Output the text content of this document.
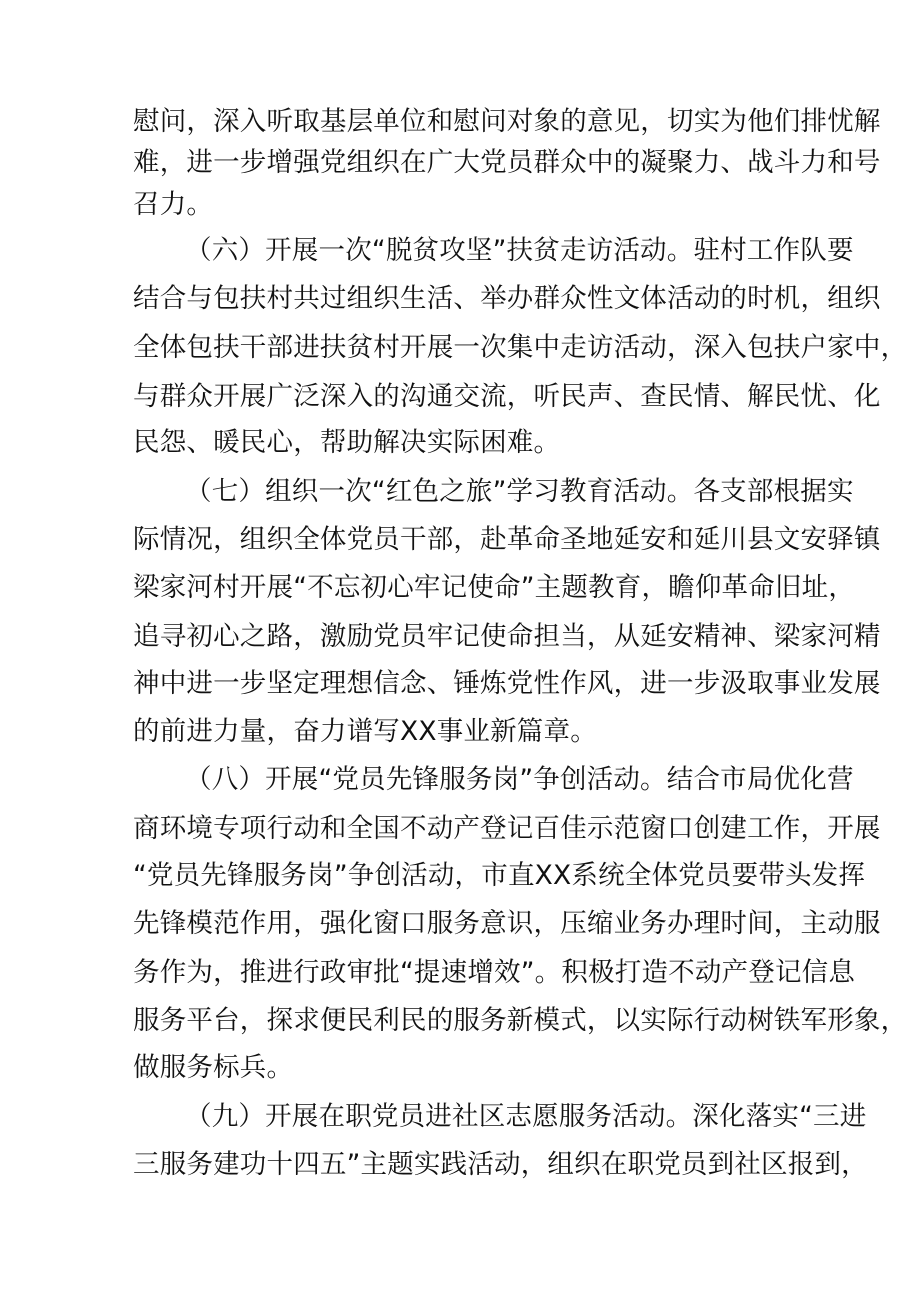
慰问，深入听取基层单位和慰问对象的意见，切实为他们排忧解
难，进一步增强党组织在广大党员群众中的凝聚力、战斗力和号
召力。
（六）开展一次“脱贫攻坚”扶贫走访活动。驻村工作队要
结合与包扶村共过组织生活、举办群众性文体活动的时机，组织
全体包扶干部进扶贫村开展一次集中走访活动，深入包扶户家中，
与群众开展广泛深入的沟通交流，听民声、查民情、解民忧、化
民怨、暖民心，帮助解决实际困难。
（七）组织一次“红色之旅”学习教育活动。各支部根据实
际情况，组织全体党员干部，赴革命圣地延安和延川县文安驿镇
梁家河村开展“不忘初心牢记使命”主题教育，瞻仰革命旧址，
追寻初心之路，激励党员牢记使命担当，从延安精神、梁家河精
神中进一步坚定理想信念、锤炼党性作风，进一步汲取事业发展
的前进力量，奋力谱写XX事业新篇章。
（八）开展“党员先锋服务岗”争创活动。结合市局优化营
商环境专项行动和全国不动产登记百佳示范窗口创建工作，开展
“党员先锋服务岗”争创活动，市直XX系统全体党员要带头发挥
先锋模范作用，强化窗口服务意识，压缩业务办理时间，主动服
务作为，推进行政审批“提速增效”。积极打造不动产登记信息
服务平台，探求便民利民的服务新模式，以实际行动树铁军形象，
做服务标兵。
（九）开展在职党员进社区志愿服务活动。深化落实“三进
三服务建功十四五”主题实践活动，组织在职党员到社区报到，
